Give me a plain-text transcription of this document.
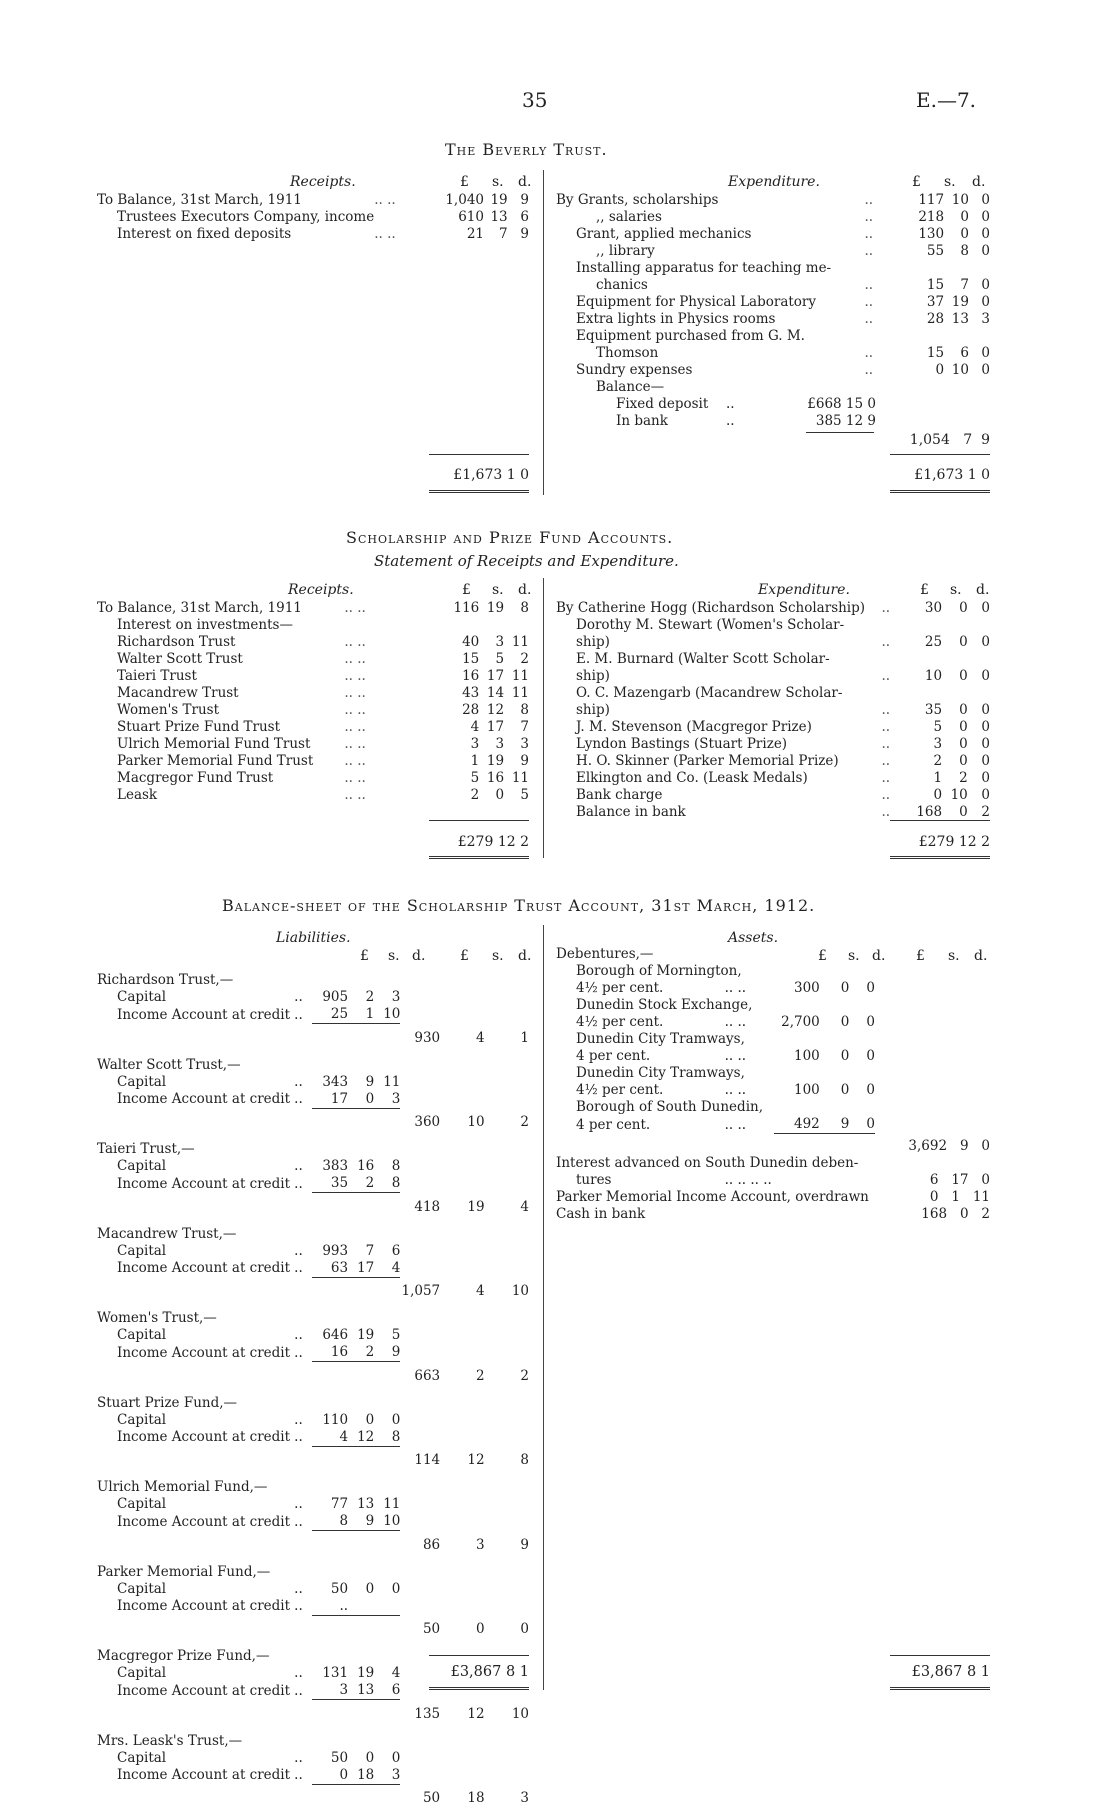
35	E.—7.
The Beverly Trust.
Receipts.	£ s. d.
To Balance, 31st March, 1911	.. ..	1,040	19	9
Trustees Executors Company, income		610	13	6
Interest on fixed deposits	.. ..	21	7	9
Expenditure.	£ s. d.
By Grants, scholarships	..	117	10	0
,, salaries	..	218	0	0
Grant, applied mechanics	..	130	0	0
,, library	..	55	8	0
Installing apparatus for teaching me-				
chanics	..	15	7	0
Equipment for Physical Laboratory	..	37	19	0
Extra lights in Physics rooms	..	28	13	3
Equipment purchased from G. M.				
Thomson	..	15	6	0
Sundry expenses	..	0	10	0
Balance—				
Fixed deposit	..	£668 15 0
In bank	..	385 12 9
1,054 7 9
£1,673 1 0	£1,673 1 0
Scholarship and Prize Fund Accounts.
Statement of Receipts and Expenditure.
Receipts.	£ s. d.
To Balance, 31st March, 1911	.. ..	116	19	8
Interest on investments—				
Richardson Trust	.. ..	40	3	11
Walter Scott Trust	.. ..	15	5	2
Taieri Trust	.. ..	16	17	11
Macandrew Trust	.. ..	43	14	11
Women's Trust	.. ..	28	12	8
Stuart Prize Fund Trust	.. ..	4	17	7
Ulrich Memorial Fund Trust	.. ..	3	3	3
Parker Memorial Fund Trust	.. ..	1	19	9
Macgregor Fund Trust	.. ..	5	16	11
Leask	.. ..	2	0	5
Expenditure.	£ s. d.
By Catherine Hogg (Richardson Scholarship)	..	30	0	0
Dorothy M. Stewart (Women's Scholar-				
ship)	..	25	0	0
E. M. Burnard (Walter Scott Scholar-				
ship)	..	10	0	0
O. C. Mazengarb (Macandrew Scholar-				
ship)	..	35	0	0
J. M. Stevenson (Macgregor Prize)	..	5	0	0
Lyndon Bastings (Stuart Prize)	..	3	0	0
H. O. Skinner (Parker Memorial Prize)	..	2	0	0
Elkington and Co. (Leask Medals)	..	1	2	0
Bank charge	..	0	10	0
Balance in bank	..	168	0	2
£279 12 2	£279 12 2
Balance-sheet of the Scholarship Trust Account, 31st March, 1912.
Liabilities.
£ s. d. £ s. d.
Richardson Trust,—							
Capital	..	905	2	3			
Income Account at credit	..	25	1	10			
					930	4	1
Walter Scott Trust,—							
Capital	..	343	9	11			
Income Account at credit	..	17	0	3			
					360	10	2
Taieri Trust,—							
Capital	..	383	16	8			
Income Account at credit	..	35	2	8			
					418	19	4
Macandrew Trust,—							
Capital	..	993	7	6			
Income Account at credit	..	63	17	4			
					1,057	4	10
Women's Trust,—							
Capital	..	646	19	5			
Income Account at credit	..	16	2	9			
					663	2	2
Stuart Prize Fund,—							
Capital	..	110	0	0			
Income Account at credit	..	4	12	8			
					114	12	8
Ulrich Memorial Fund,—							
Capital	..	77	13	11			
Income Account at credit	..	8	9	10			
					86	3	9
Parker Memorial Fund,—							
Capital	..	50	0	0			
Income Account at credit	..	..					
					50	0	0
Macgregor Prize Fund,—							
Capital	..	131	19	4			
Income Account at credit	..	3	13	6			
					135	12	10
Mrs. Leask's Trust,—							
Capital	..	50	0	0			
Income Account at credit	..	0	18	3			
					50	18	3
£3,867 8 1
Assets.
£ s. d. £ s. d.
Debentures,—						
Borough of Mornington,						
4½ per cent.	.. ..	300	0	0		
Dunedin Stock Exchange,						
4½ per cent.	.. ..	2,700	0	0		
Dunedin City Tramways,						
4 per cent.	.. ..	100	0	0		
Dunedin City Tramways,						
4½ per cent.	.. ..	100	0	0		
Borough of South Dunedin,						
4 per cent.	.. ..	492	9	0		
					3,692 9 0	
Interest advanced on South Dunedin deben-						
tures	.. .. .. ..				6 17 0	
Parker Memorial Income Account, overdrawn					0 1 11	
Cash in bank					168 0 2	
£3,867 8 1
